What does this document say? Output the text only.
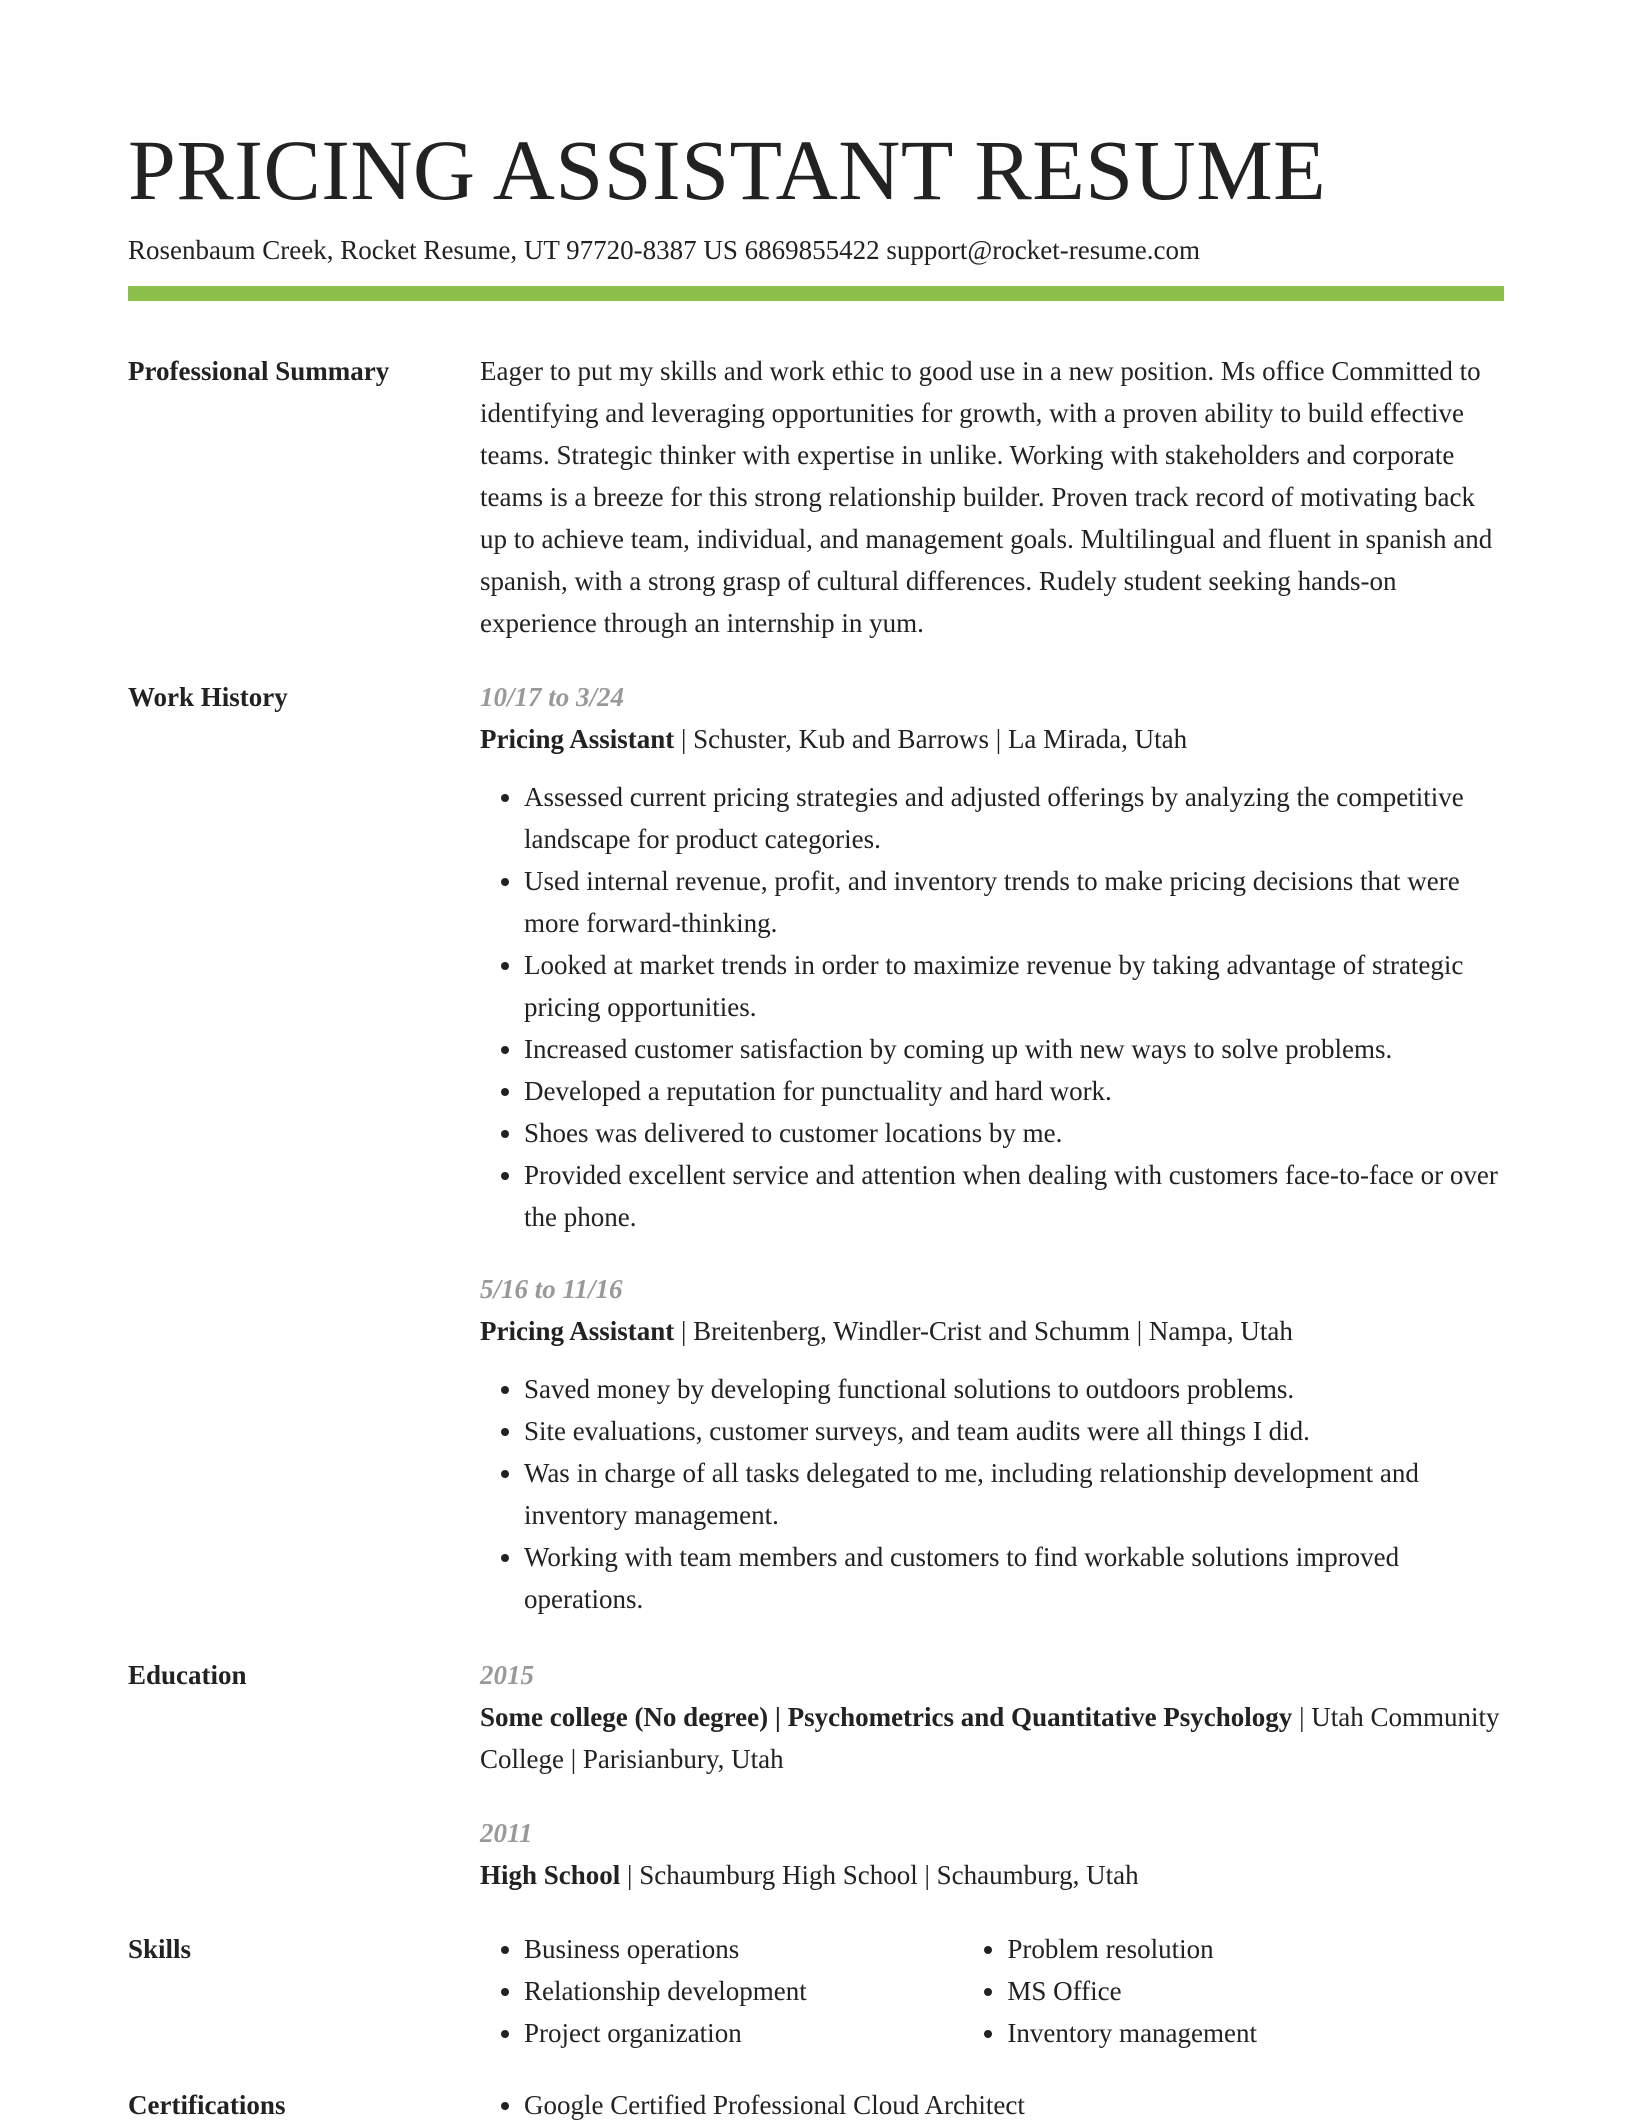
PRICING ASSISTANT RESUME
Rosenbaum Creek, Rocket Resume, UT 97720-8387 US 6869855422 support@rocket-resume.com
Professional Summary	Eager to put my skills and work ethic to good use in a new position. Ms office Committed to identifying and leveraging opportunities for growth, with a proven ability to build effective teams. Strategic thinker with expertise in unlike. Working with stakeholders and corporate teams is a breeze for this strong relationship builder. Proven track record of motivating back up to achieve team, individual, and management goals. Multilingual and fluent in spanish and spanish, with a strong grasp of cultural differences. Rudely student seeking hands-on experience through an internship in yum.

Work History	10/17 to 3/24
Pricing Assistant | Schuster, Kub and Barrows | La Mirada, Utah
• Assessed current pricing strategies and adjusted offerings by analyzing the competitive landscape for product categories.
• Used internal revenue, profit, and inventory trends to make pricing decisions that were more forward-thinking.
• Looked at market trends in order to maximize revenue by taking advantage of strategic pricing opportunities.
• Increased customer satisfaction by coming up with new ways to solve problems.
• Developed a reputation for punctuality and hard work.
• Shoes was delivered to customer locations by me.
• Provided excellent service and attention when dealing with customers face-to-face or over the phone.
5/16 to 11/16
Pricing Assistant | Breitenberg, Windler-Crist and Schumm | Nampa, Utah
• Saved money by developing functional solutions to outdoors problems.
• Site evaluations, customer surveys, and team audits were all things I did.
• Was in charge of all tasks delegated to me, including relationship development and inventory management.
• Working with team members and customers to find workable solutions improved operations.
Education	2015
Some college (No degree) | Psychometrics and Quantitative Psychology | Utah Community College | Parisianbury, Utah
2011
High School | Schaumburg High School | Schaumburg, Utah
Skills	• Business operations
• Relationship development
• Project organization
• Problem resolution
• MS Office
• Inventory management
Certifications	• Google Certified Professional Cloud Architect
